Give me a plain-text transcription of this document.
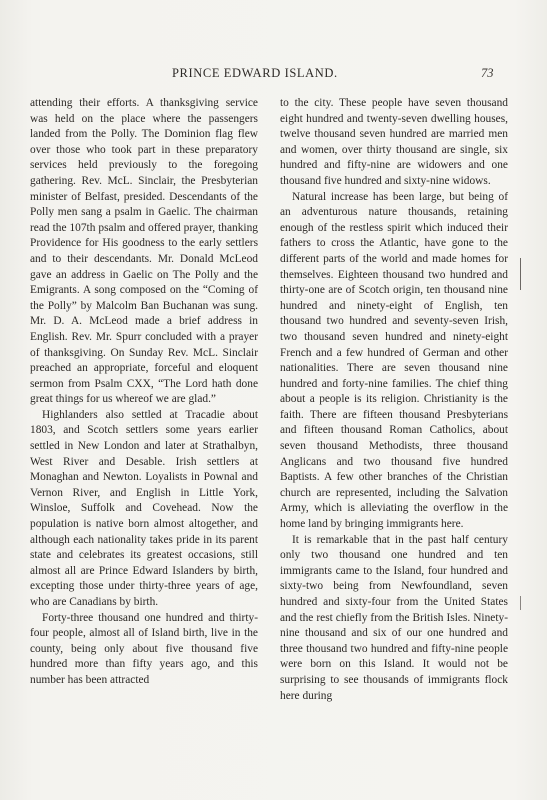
​
PRINCE EDWARD ISLAND.	73

attending their efforts. A thanksgiving service was held on the place where the passengers landed from the Polly. The Dominion flag flew over those who took part in these preparatory services held previously to the foregoing gathering. Rev. McL. Sinclair, the Presbyterian minister of Belfast, presided. Descendants of the Polly men sang a psalm in Gaelic. The chairman read the 107th psalm and offered prayer, thanking Providence for His goodness to the early settlers and to their descendants. Mr. Donald McLeod gave an address in Gaelic on The Polly and the Emigrants. A song composed on the “Coming of the Polly” by Malcolm Ban Buchanan was sung. Mr. D. A. McLeod made a brief address in English. Rev. Mr. Spurr concluded with a prayer of thanksgiving. On Sunday Rev. McL. Sinclair preached an appropriate, forceful and eloquent sermon from Psalm CXX, “The Lord hath done great things for us whereof we are glad.”

Highlanders also settled at Tracadie about 1803, and Scotch settlers some years earlier settled in New London and later at Strathalbyn, West River and Desable. Irish settlers at Monaghan and Newton. Loyalists in Pownal and Vernon River, and English in Little York, Winsloe, Suffolk and Covehead. Now the population is native born almost altogether, and although each nationality takes pride in its parent state and celebrates its greatest occasions, still almost all are Prince Edward Islanders by birth, excepting those under thirty-three years of age, who are Canadians by birth.

Forty-three thousand one hundred and thirty-four people, almost all of Island birth, live in the county, being only about five thousand five hundred more than fifty years ago, and this number has been attracted

to the city. These people have seven thousand eight hundred and twenty-seven dwelling houses, twelve thousand seven hundred are married men and women, over thirty thousand are single, six hundred and fifty-nine are widowers and one thousand five hundred and sixty-nine widows.

Natural increase has been large, but being of an adventurous nature thousands, retaining enough of the restless spirit which induced their fathers to cross the Atlantic, have gone to the different parts of the world and made homes for themselves. Eighteen thousand two hundred and thirty-one are of Scotch origin, ten thousand nine hundred and ninety-eight of English, ten thousand two hundred and seventy-seven Irish, two thousand seven hundred and ninety-eight French and a few hundred of German and other nationalities. There are seven thousand nine hundred and forty-nine families. The chief thing about a people is its religion. Christianity is the faith. There are fifteen thousand Presbyterians and fifteen thousand Roman Catholics, about seven thousand Methodists, three thousand Anglicans and two thousand five hundred Baptists. A few other branches of the Christian church are represented, including the Salvation Army, which is alleviating the overflow in the home land by bringing immigrants here.

It is remarkable that in the past half century only two thousand one hundred and ten immigrants came to the Island, four hundred and sixty-two being from Newfoundland, seven hundred and sixty-four from the United States and the rest chiefly from the British Isles. Ninety-nine thousand and six of our one hundred and three thousand two hundred and fifty-nine people were born on this Island. It would not be surprising to see thousands of immigrants flock here during
